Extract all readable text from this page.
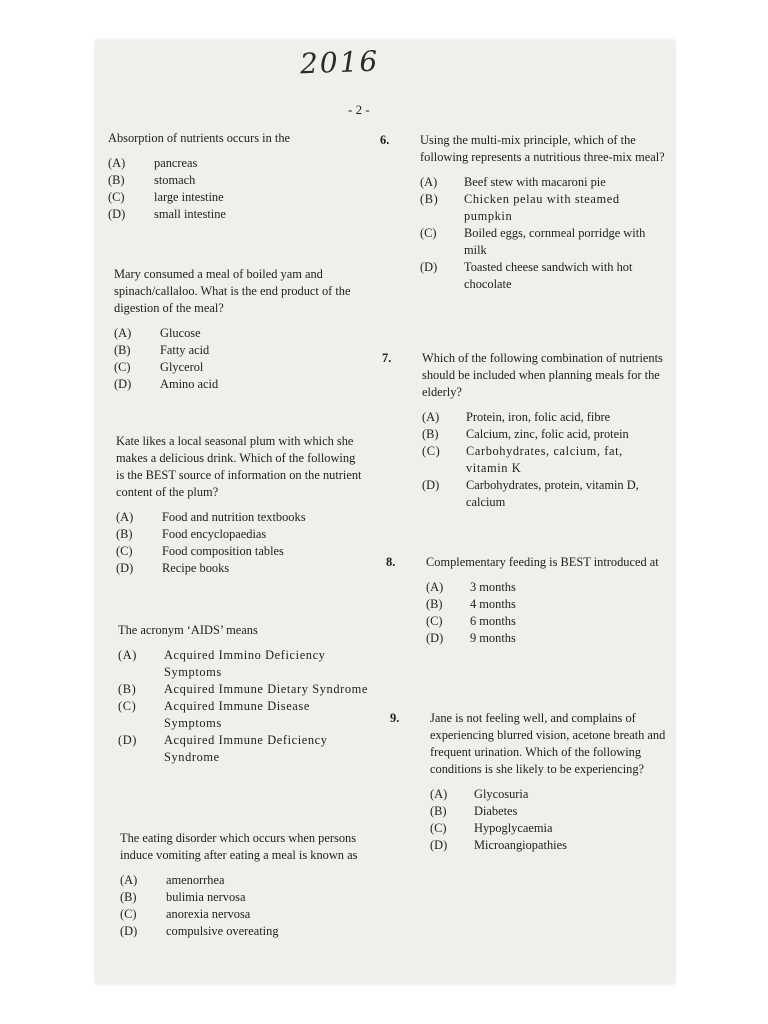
2016
- 2 -
Absorption of nutrients occurs in the
(A)	pancreas
(B)	stomach
(C)	large intestine
(D)	small intestine
Mary consumed a meal of boiled yam and spinach/callaloo. What is the end product of the digestion of the meal?
(A)	Glucose
(B)	Fatty acid
(C)	Glycerol
(D)	Amino acid
Kate likes a local seasonal plum with which she makes a delicious drink. Which of the following is the BEST source of information on the nutrient content of the plum?
(A)	Food and nutrition textbooks
(B)	Food encyclopaedias
(C)	Food composition tables
(D)	Recipe books
The acronym ‘AIDS’ means
(A)	Acquired Immino Deficiency Symptoms
(B)	Acquired Immune Dietary Syndrome
(C)	Acquired Immune Disease Symptoms
(D)	Acquired Immune Deficiency Syndrome
The eating disorder which occurs when persons induce vomiting after eating a meal is known as
(A)	amenorrhea
(B)	bulimia nervosa
(C)	anorexia nervosa
(D)	compulsive overeating
6. Using the multi-mix principle, which of the following represents a nutritious three-mix meal?
(A)	Beef stew with macaroni pie
(B)	Chicken pelau with steamed pumpkin
(C)	Boiled eggs, cornmeal porridge with milk
(D)	Toasted cheese sandwich with hot chocolate
7. Which of the following combination of nutrients should be included when planning meals for the elderly?
(A)	Protein, iron, folic acid, fibre
(B)	Calcium, zinc, folic acid, protein
(C)	Carbohydrates, calcium, fat, vitamin K
(D)	Carbohydrates, protein, vitamin D, calcium
8. Complementary feeding is BEST introduced at
(A)	3 months
(B)	4 months
(C)	6 months
(D)	9 months
9. Jane is not feeling well, and complains of experiencing blurred vision, acetone breath and frequent urination. Which of the following conditions is she likely to be experiencing?
(A)	Glycosuria
(B)	Diabetes
(C)	Hypoglycaemia
(D)	Microangiopathies
